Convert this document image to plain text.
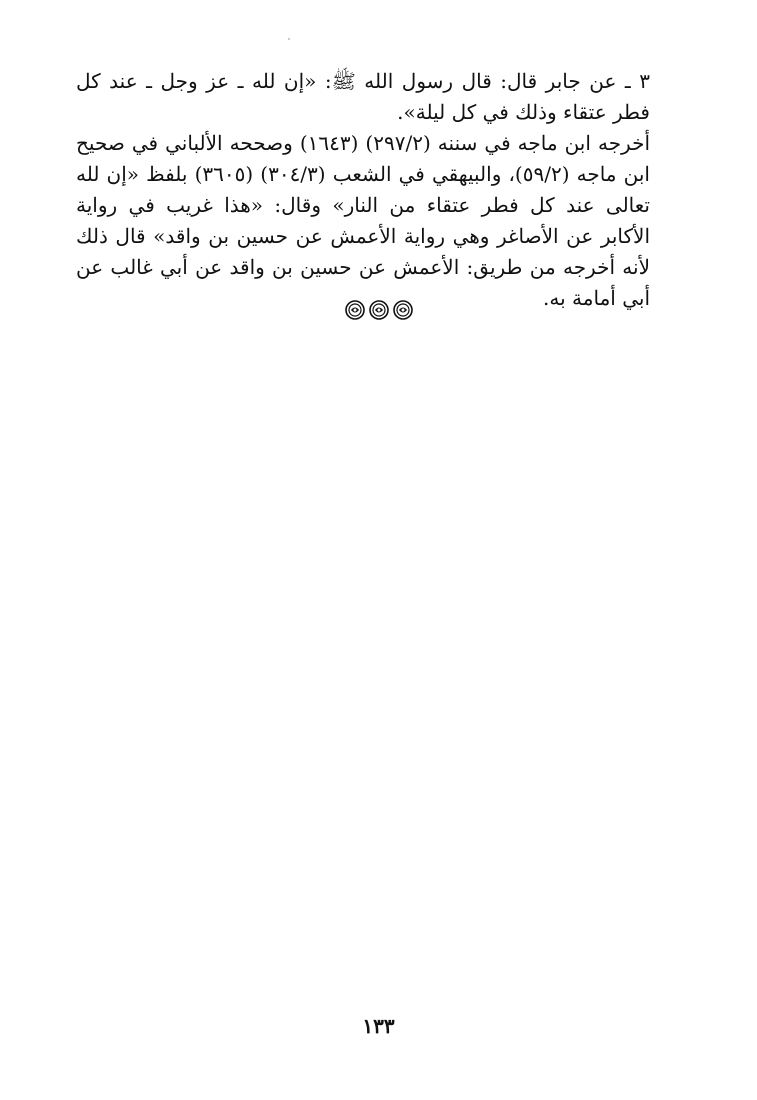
٣ ـ عن جابر قال: قال رسول الله ﷺ: «إن لله ـ عز وجل ـ عند كل فطر عتقاء وذلك في كل ليلة».

أخرجه ابن ماجه في سننه (٢٩٧/٢) (١٦٤٣) وصححه الألباني في صحيح ابن ماجه (٥٩/٢)، والبيهقي في الشعب (٣٠٤/٣) (٣٦٠٥) بلفظ «إن لله تعالى عند كل فطر عتقاء من النار» وقال: «هذا غريب في رواية الأكابر عن الأصاغر وهي رواية الأعمش عن حسين بن واقد» قال ذلك لأنه أخرجه من طريق: الأعمش عن حسين بن واقد عن أبي غالب عن أبي أمامة به.

١٣٣
